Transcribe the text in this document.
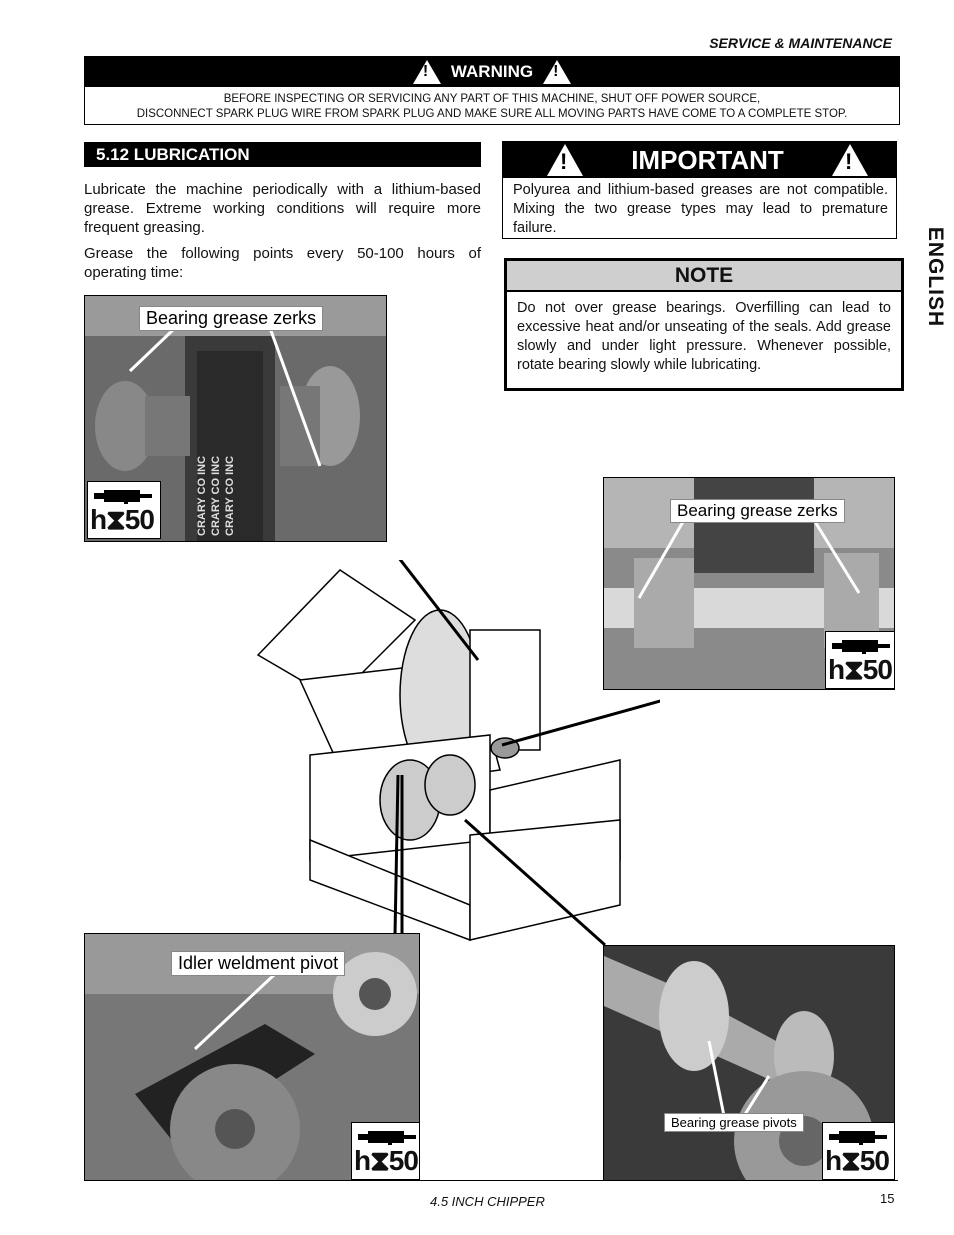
SERVICE & MAINTENANCE
!
WARNING
!
BEFORE INSPECTING OR SERVICING ANY PART OF THIS MACHINE, SHUT OFF POWER SOURCE,
DISCONNECT SPARK PLUG WIRE FROM SPARK PLUG AND MAKE SURE ALL MOVING PARTS HAVE COME TO A COMPLETE STOP.
5.12 LUBRICATION
Lubricate the machine periodically with a lithium-based grease. Extreme working conditions will require more frequent greasing.
Grease the following points every 50-100 hours of operating time:
!
IMPORTANT
!
Polyurea and lithium-based greases are not compatible. Mixing the two grease types may lead to premature failure.
NOTE
Do not over grease bearings. Overfilling can lead to excessive heat and/or unseating of the seals. Add grease slowly and under light pressure. Whenever possible, rotate bearing slowly while lubricating.
ENGLISH
CRARY CO INC CRARY CO INC CRARY CO INC
Bearing grease zerks
h⧗50	Bearing grease zerks
h⧗50
Idler weldment pivot
h⧗50
Bearing grease pivots
h⧗50
4.5 INCH CHIPPER	15
